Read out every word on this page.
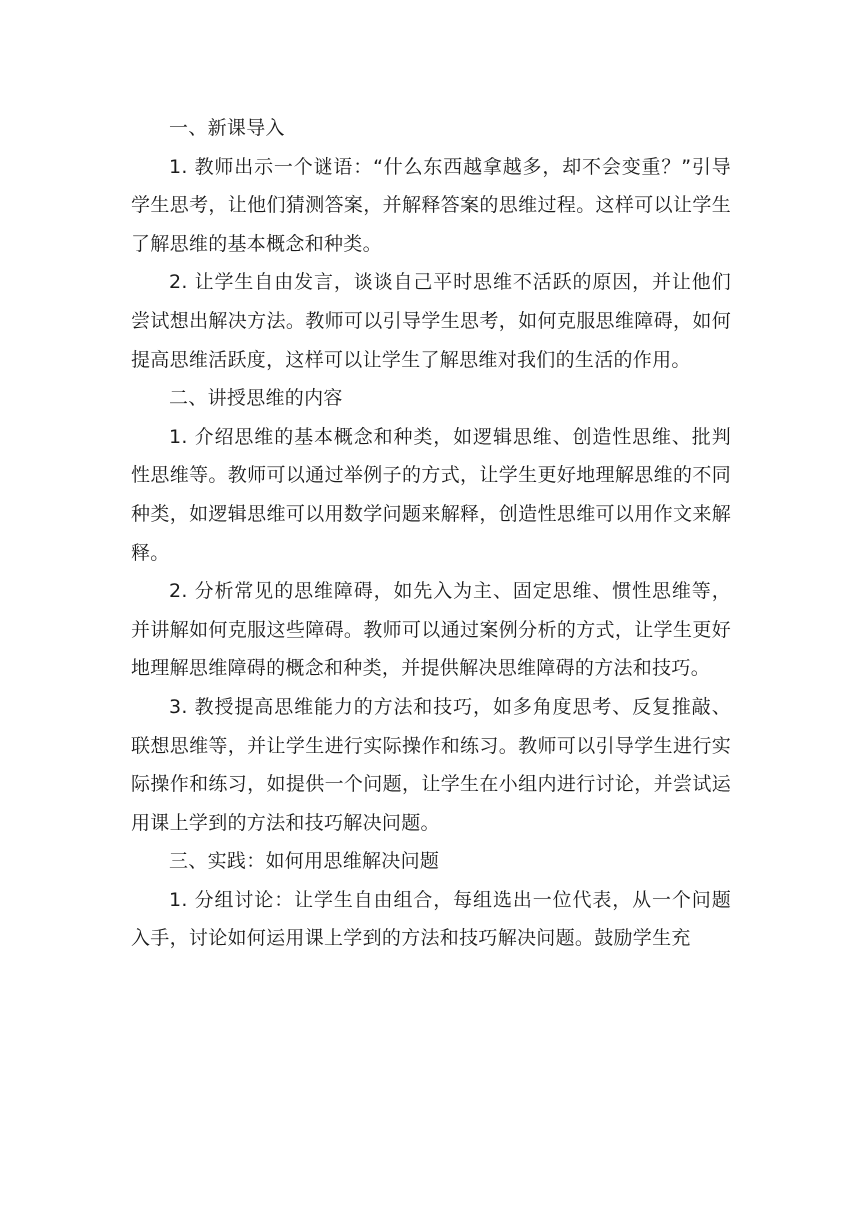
一、新课导入

1. 教师出示一个谜语：“什么东西越拿越多，却不会变重？”引导学生思考，让他们猜测答案，并解释答案的思维过程。这样可以让学生了解思维的基本概念和种类。

2. 让学生自由发言，谈谈自己平时思维不活跃的原因，并让他们尝试想出解决方法。教师可以引导学生思考，如何克服思维障碍，如何提高思维活跃度，这样可以让学生了解思维对我们的生活的作用。

二、讲授思维的内容

1. 介绍思维的基本概念和种类，如逻辑思维、创造性思维、批判性思维等。教师可以通过举例子的方式，让学生更好地理解思维的不同种类，如逻辑思维可以用数学问题来解释，创造性思维可以用作文来解释。

2. 分析常见的思维障碍，如先入为主、固定思维、惯性思维等，并讲解如何克服这些障碍。教师可以通过案例分析的方式，让学生更好地理解思维障碍的概念和种类，并提供解决思维障碍的方法和技巧。

3. 教授提高思维能力的方法和技巧，如多角度思考、反复推敲、联想思维等，并让学生进行实际操作和练习。教师可以引导学生进行实际操作和练习，如提供一个问题，让学生在小组内进行讨论，并尝试运用课上学到的方法和技巧解决问题。

三、实践：如何用思维解决问题

1. 分组讨论：让学生自由组合，每组选出一位代表，从一个问题入手，讨论如何运用课上学到的方法和技巧解决问题。鼓励学生充
